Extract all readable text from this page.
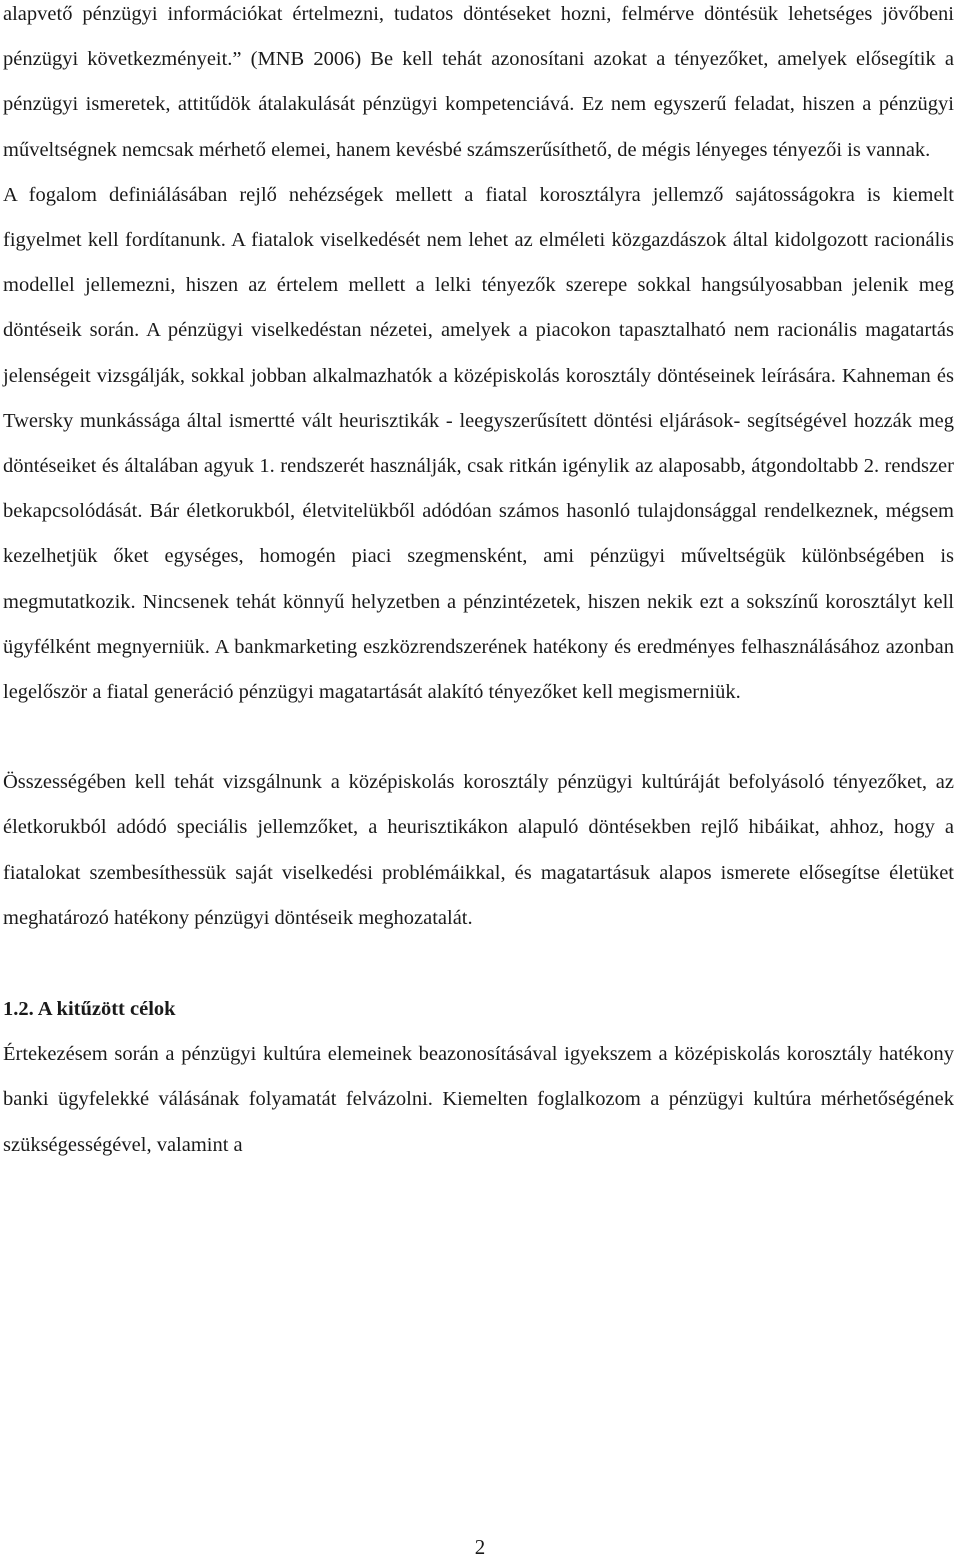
alapvető pénzügyi információkat értelmezni, tudatos döntéseket hozni, felmérve döntésük lehetséges jövőbeni pénzügyi következményeit.” (MNB 2006) Be kell tehát azonosítani azokat a tényezőket, amelyek elősegítik a pénzügyi ismeretek, attitűdök átalakulását pénzügyi kompetenciává. Ez nem egyszerű feladat, hiszen a pénzügyi műveltségnek nemcsak mérhető elemei, hanem kevésbé számszerűsíthető, de mégis lényeges tényezői is vannak.

A fogalom definiálásában rejlő nehézségek mellett a fiatal korosztályra jellemző sajátosságokra is kiemelt figyelmet kell fordítanunk. A fiatalok viselkedését nem lehet az elméleti közgazdászok által kidolgozott racionális modellel jellemezni, hiszen az értelem mellett a lelki tényezők szerepe sokkal hangsúlyosabban jelenik meg döntéseik során. A pénzügyi viselkedéstan nézetei, amelyek a piacokon tapasztalható nem racionális magatartás jelenségeit vizsgálják, sokkal jobban alkalmazhatók a középiskolás korosztály döntéseinek leírására. Kahneman és Twersky munkássága által ismertté vált heurisztikák - leegyszerűsített döntési eljárások- segítségével hozzák meg döntéseiket és általában agyuk 1. rendszerét használják, csak ritkán igénylik az alaposabb, átgondoltabb 2. rendszer bekapcsolódását. Bár életkorukból, életvitelükből adódóan számos hasonló tulajdonsággal rendelkeznek, mégsem kezelhetjük őket egységes, homogén piaci szegmensként, ami pénzügyi műveltségük különbségében is megmutatkozik. Nincsenek tehát könnyű helyzetben a pénzintézetek, hiszen nekik ezt a sokszínű korosztályt kell ügyfélként megnyerniük. A bankmarketing eszközrendszerének hatékony és eredményes felhasználásához azonban legelőször a fiatal generáció pénzügyi magatartását alakító tényezőket kell megismerniük.

Összességében kell tehát vizsgálnunk a középiskolás korosztály pénzügyi kultúráját befolyásoló tényezőket, az életkorukból adódó speciális jellemzőket, a heurisztikákon alapuló döntésekben rejlő hibáikat, ahhoz, hogy a fiatalokat szembesíthessük saját viselkedési problémáikkal, és magatartásuk alapos ismerete elősegítse életüket meghatározó hatékony pénzügyi döntéseik meghozatalát.

1.2. A kitűzött célok

Értekezésem során a pénzügyi kultúra elemeinek beazonosításával igyekszem a középiskolás korosztály hatékony banki ügyfelekké válásának folyamatát felvázolni. Kiemelten foglalkozom a pénzügyi kultúra mérhetőségének szükségességével, valamint a

2
